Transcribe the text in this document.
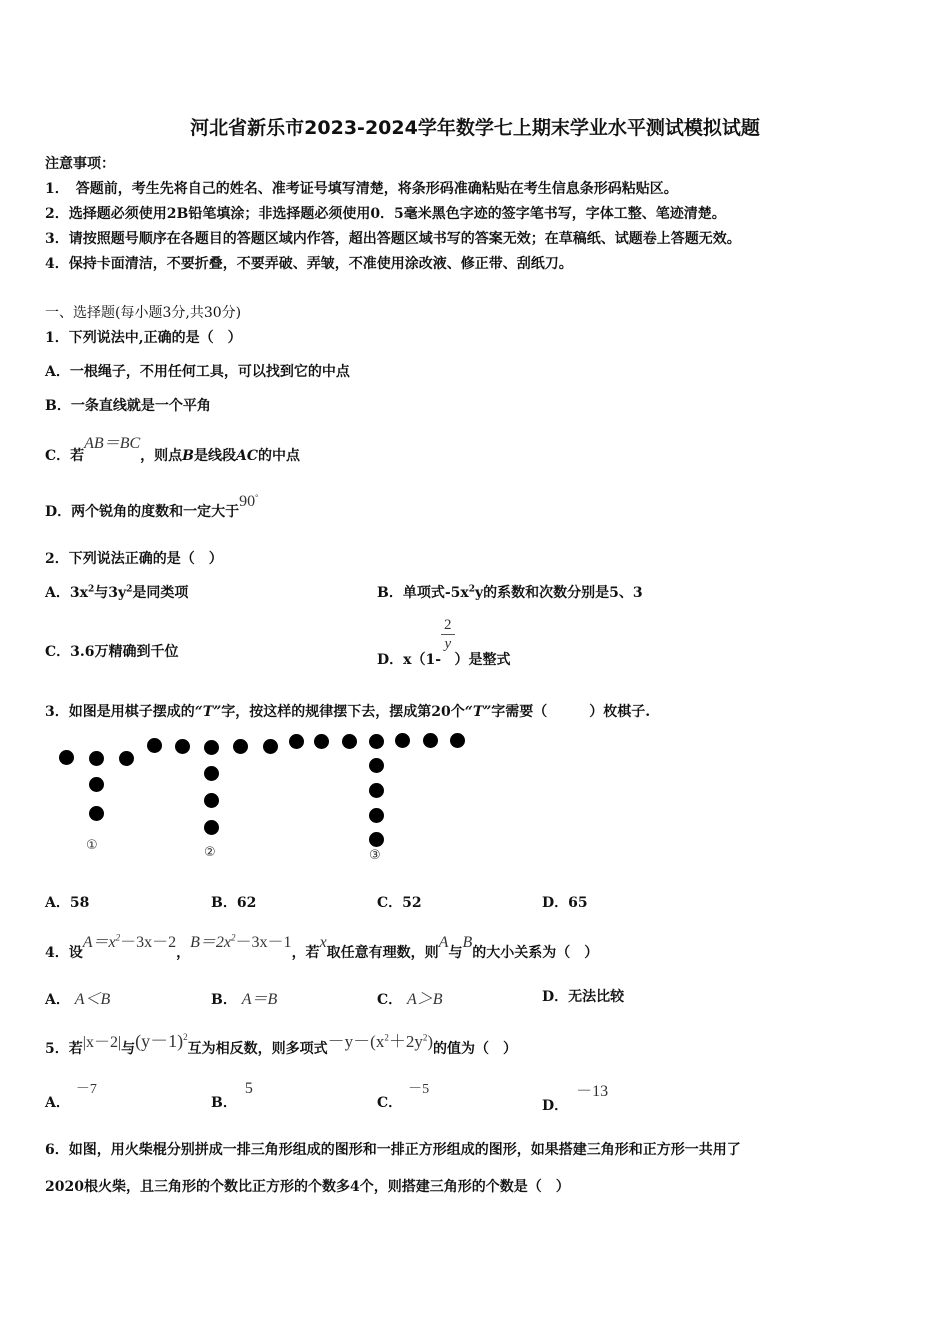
河北省新乐市2023-2024学年数学七上期末学业水平测试模拟试题
注意事项：
1．　答题前，考生先将自己的姓名、准考证号填写清楚，将条形码准确粘贴在考生信息条形码粘贴区。
2．选择题必须使用2B铅笔填涂；非选择题必须使用0．5毫米黑色字迹的签字笔书写，字体工整、笔迹清楚。
3．请按照题号顺序在各题目的答题区域内作答，超出答题区域书写的答案无效；在草稿纸、试题卷上答题无效。
4．保持卡面清洁，不要折叠，不要弄破、弄皱，不准使用涂改液、修正带、刮纸刀。
一、选择题(每小题3分,共30分)
1．下列说法中,正确的是（　）
A．一根绳子，不用任何工具，可以找到它的中点
B．一条直线就是一个平角
C．若AB＝BC，则点B是线段AC的中点
D．两个锐角的度数和一定大于90°
2．下列说法正确的是（　）
A．$3x^2$与$3y^2$是同类项	B．单项式$-5x^2y$的系数和次数分别是5、3
C．3.6万精确到千位	D．x（1-
$\frac{2}{y}$
）是整式
3．如图是用棋子摆成的“T”字，按这样的规律摆下去，摆成第20个“T”字需要（　　　）枚棋子.
①	②	③
A．58	B．62	C．52	D．65
4．设$A=x^2-3x-2$，$B=2x^2-3x-1$，若x取任意有理数，则A与B的大小关系为（　）
A． A＜B	B． A＝B	C． A＞B	D．无法比较
5．若|x－2|与$(y-1)^2$互为相反数，则多项式$-y-(x^2+2y^2)$的值为（　）
A．－7
B．5
C．－5
D．－13
6．如图，用火柴棍分别拼成一排三角形组成的图形和一排正方形组成的图形，如果搭建三角形和正方形一共用了
2020根火柴，且三角形的个数比正方形的个数多4个，则搭建三角形的个数是（　）
